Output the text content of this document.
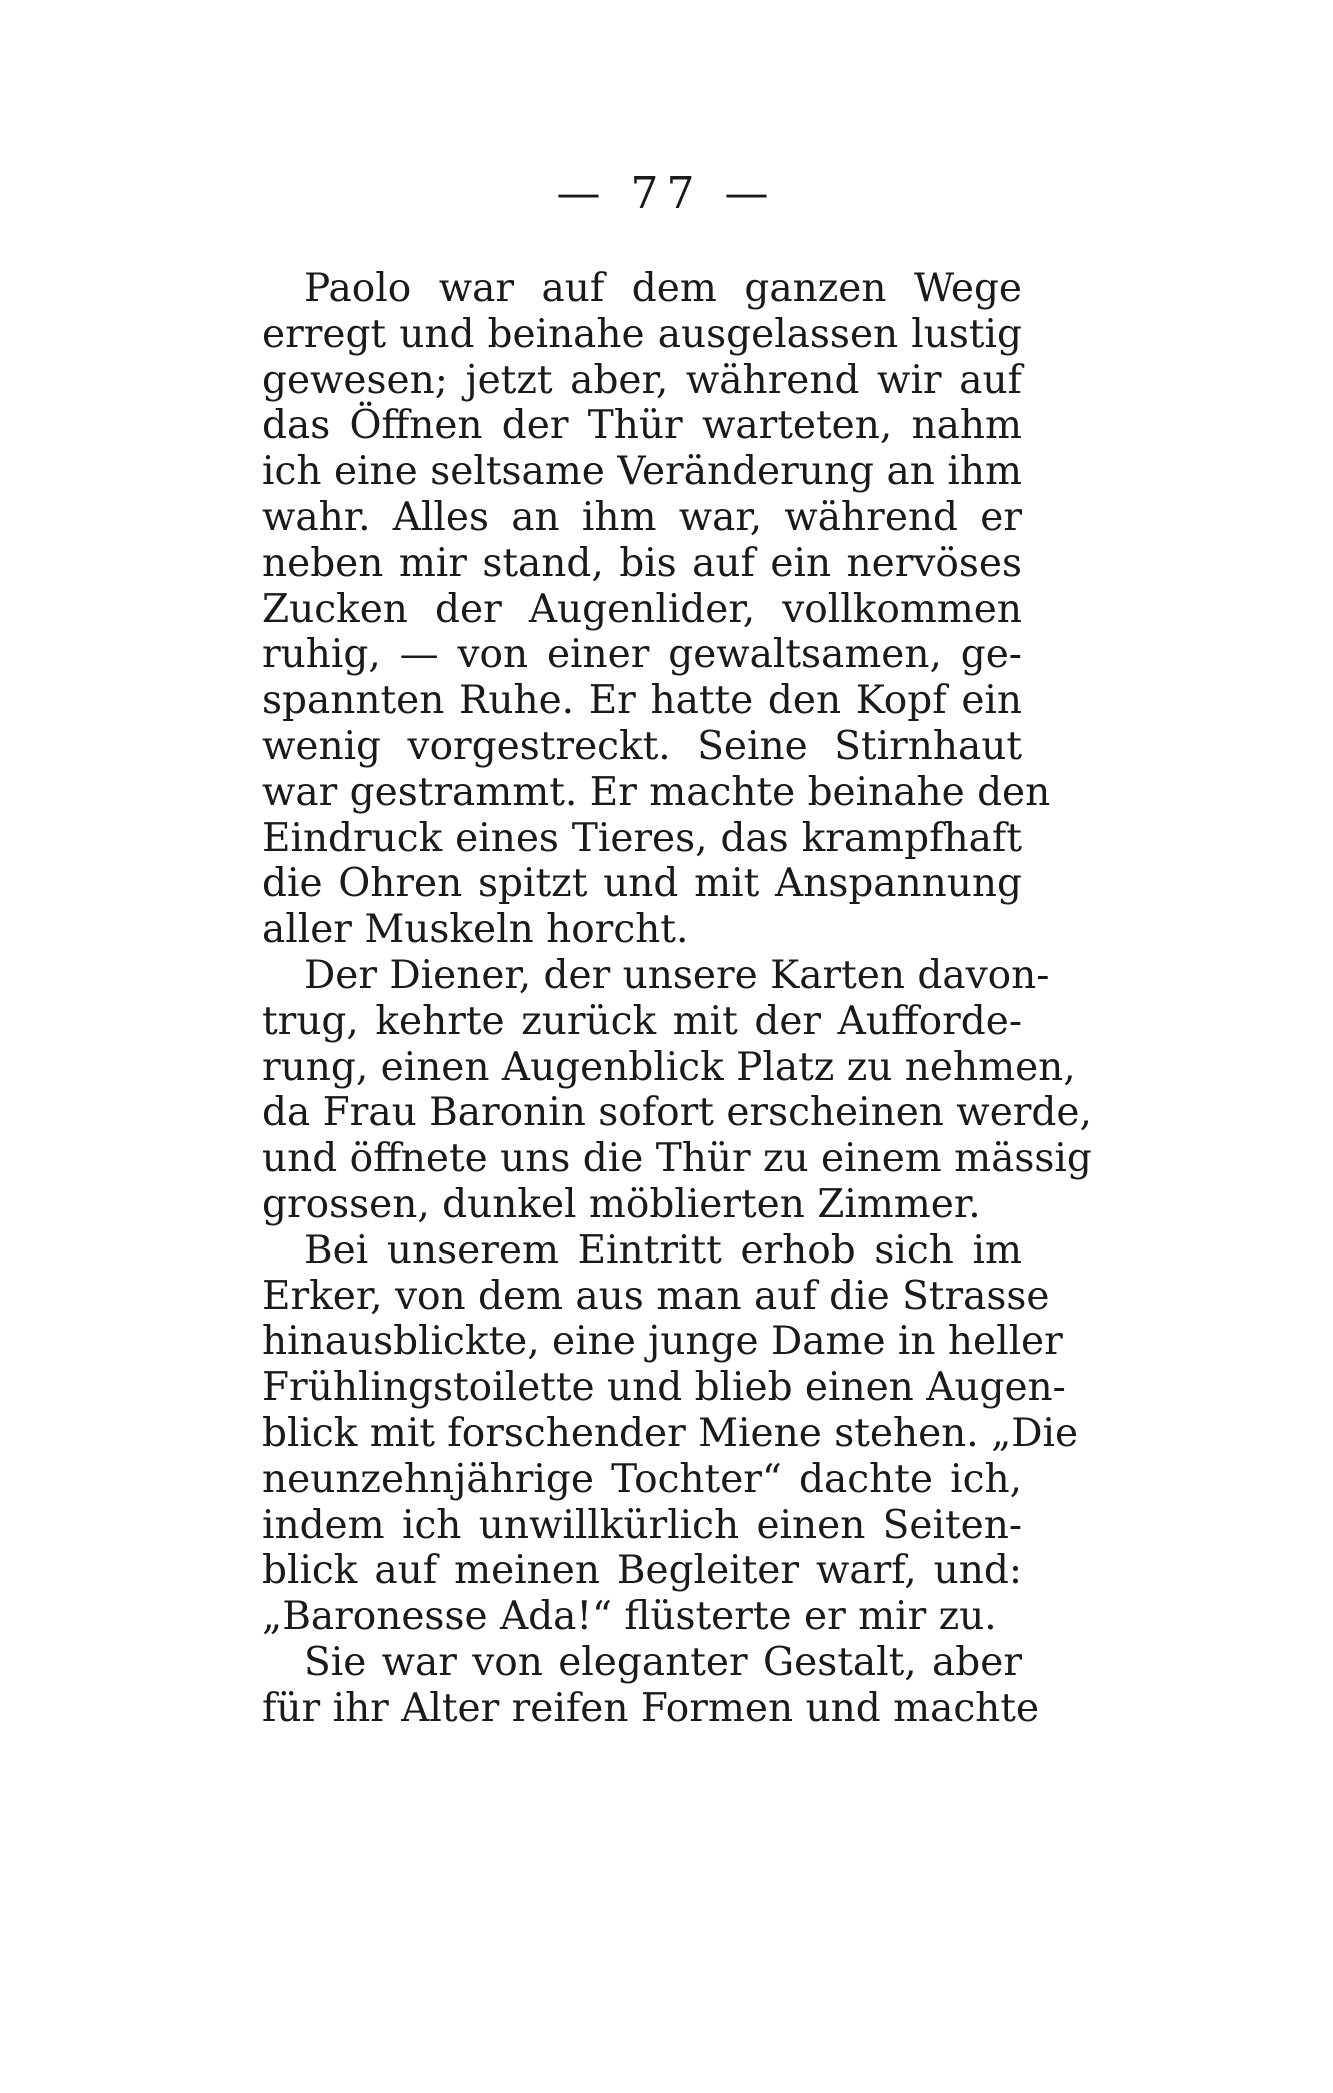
— 77 —
Paolo war auf dem ganzen Wege
erregt und beinahe ausgelassen lustig
gewesen; jetzt aber, während wir auf
das Öffnen der Thür warteten, nahm
ich eine seltsame Veränderung an ihm
wahr. Alles an ihm war, während er
neben mir stand, bis auf ein nervöses
Zucken der Augenlider, vollkommen
ruhig, — von einer gewaltsamen, ge-
spannten Ruhe. Er hatte den Kopf ein
wenig vorgestreckt. Seine Stirnhaut
war gestrammt. Er machte beinahe den
Eindruck eines Tieres, das krampfhaft
die Ohren spitzt und mit Anspannung
aller Muskeln horcht.
Der Diener, der unsere Karten davon-
trug, kehrte zurück mit der Aufforde-
rung, einen Augenblick Platz zu nehmen,
da Frau Baronin sofort erscheinen werde,
und öffnete uns die Thür zu einem mässig
grossen, dunkel möblierten Zimmer.
Bei unserem Eintritt erhob sich im
Erker, von dem aus man auf die Strasse
hinausblickte, eine junge Dame in heller
Frühlingstoilette und blieb einen Augen-
blick mit forschender Miene stehen. „Die
neunzehnjährige Tochter“ dachte ich,
indem ich unwillkürlich einen Seiten-
blick auf meinen Begleiter warf, und:
„Baronesse Ada!“ flüsterte er mir zu.
Sie war von eleganter Gestalt, aber
für ihr Alter reifen Formen und machte
